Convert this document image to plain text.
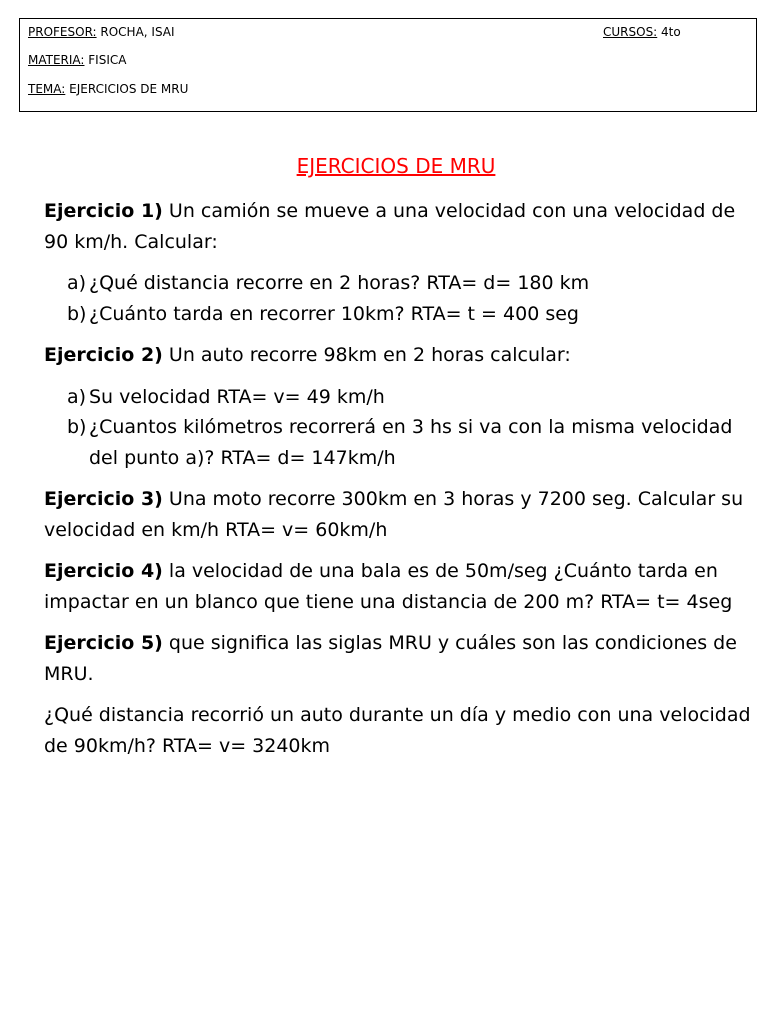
PROFESOR: ROCHA, ISAI	CURSOS: 4to
MATERIA: FISICA
TEMA: EJERCICIOS DE MRU
EJERCICIOS DE MRU

Ejercicio 1) Un camión se mueve a una velocidad con una velocidad de 90 km/h. Calcular:

a) ¿Qué distancia recorre en 2 horas? RTA= d= 180 km
b) ¿Cuánto tarda en recorrer 10km? RTA= t = 400 seg

Ejercicio 2) Un auto recorre 98km en 2 horas calcular:

a) Su velocidad RTA= v= 49 km/h
b) ¿Cuantos kilómetros recorrerá en 3 hs si va con la misma velocidad del punto a)? RTA= d= 147km/h

Ejercicio 3) Una moto recorre 300km en 3 horas y 7200 seg. Calcular su velocidad en km/h RTA= v= 60km/h

Ejercicio 4) la velocidad de una bala es de 50m/seg ¿Cuánto tarda en impactar en un blanco que tiene una distancia de 200 m? RTA= t= 4seg

Ejercicio 5) que significa las siglas MRU y cuáles son las condiciones de MRU.

¿Qué distancia recorrió un auto durante un día y medio con una velocidad de 90km/h? RTA= v= 3240km
